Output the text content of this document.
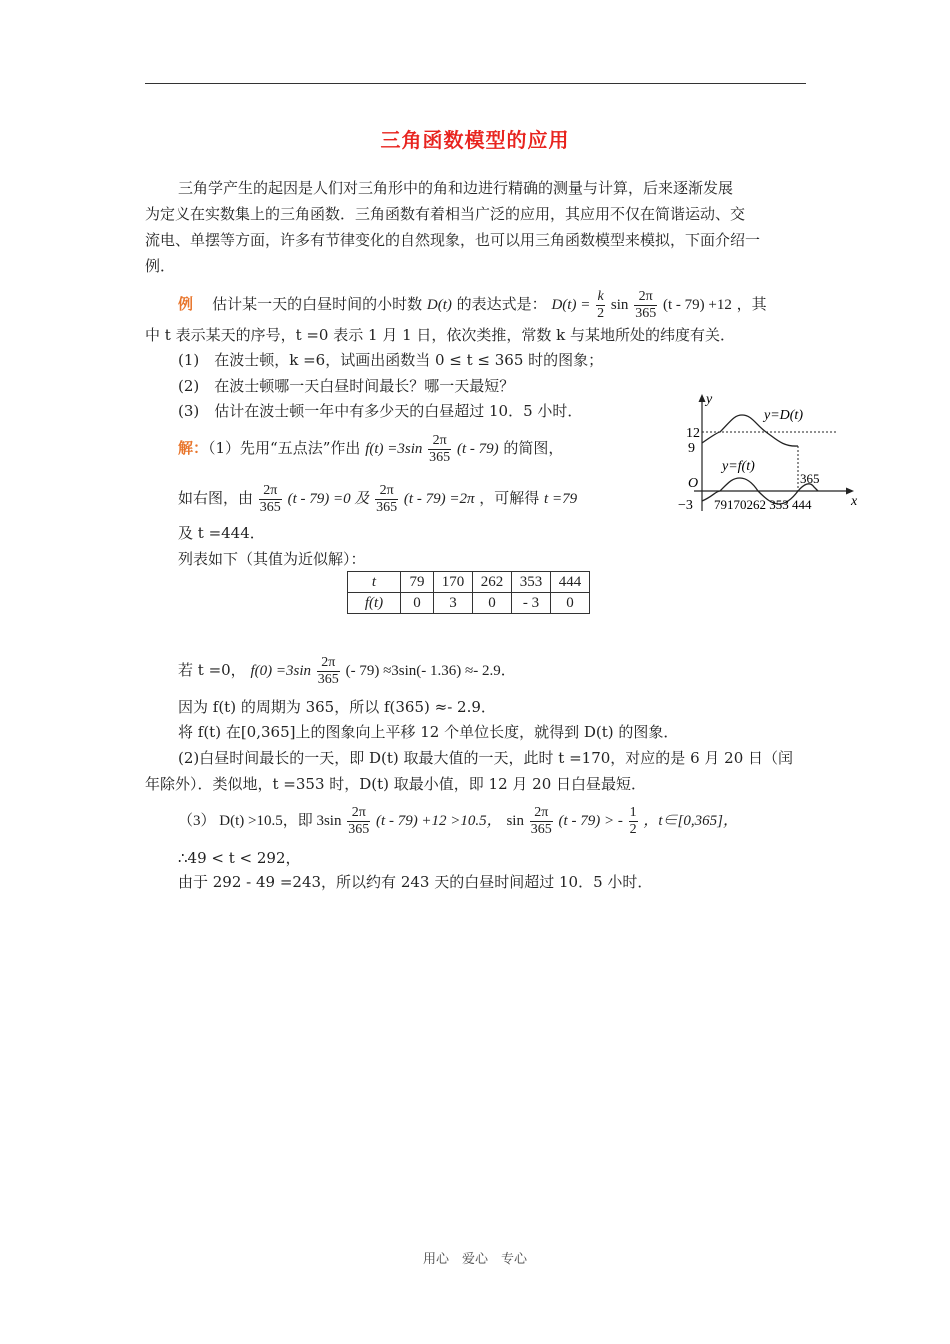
三角函数模型的应用
三角学产生的起因是人们对三角形中的角和边进行精确的测量与计算，后来逐渐发展
为定义在实数集上的三角函数．三角函数有着相当广泛的应用，其应用不仅在简谐运动、交
流电、单摆等方面，许多有节律变化的自然现象，也可以用三角函数模型来模拟，下面介绍一
例．
例 估计某一天的白昼时间的小时数 D(t) 的表达式是： $D(t) = \frac{k}{2}$ $\sin \frac{2\pi}{365} (t - 79) +12$ ，其
中 t 表示某天的序号，t =0 表示 1 月 1 日，依次类推，常数 k 与某地所处的纬度有关．
(1)　在波士顿，k =6，试画出函数当 0 ≤ t ≤ 365 时的图象；
(2)　在波士顿哪一天白昼时间最长？哪一天最短？
(3)　估计在波士顿一年中有多少天的白昼超过 10．5 小时．
解：（1）先用“五点法”作出 $f(t) =3\sin \frac{2\pi}{365} (t - 79)$ 的简图，
如右图，由 $\frac{2\pi}{365} (t - 79) =0$ 及 $\frac{2\pi}{365} (t - 79) =2\pi$ ，可解得 t =79
及 t =444．
列表如下（其值为近似解）：
t	79	170	262	353	444
f(t)	0	3	0	- 3	0
若 t =0， $f(0) =3\sin \frac{2\pi}{365}$ (- 79) ≈3sin(- 1.36) ≈- 2.9．
因为 f(t) 的周期为 365，所以 f(365) ≈- 2.9．
将 f(t) 在[0,365]上的图象向上平移 12 个单位长度，就得到 D(t) 的图象．
(2)白昼时间最长的一天，即 D(t) 取最大值的一天，此时 t =170，对应的是 6 月 20 日（闰
年除外）．类似地，t =353 时，D(t) 取最小值，即 12 月 20 日白昼最短．
（3） D(t) >10.5，即 $3\sin \frac{2\pi}{365} (t - 79) +12 >10.5$， $\sin \frac{2\pi}{365} (t - 79)$ > - $\frac{1}{2}$ ，t∈[0,365]，
∴49 < t < 292，
由于 292 - 49 =243，所以约有 243 天的白昼时间超过 10．5 小时．
y
x
y=D(t)
y=f(t)
12
9
O
−3
365
79170262 353 444
用心　爱心　专心
